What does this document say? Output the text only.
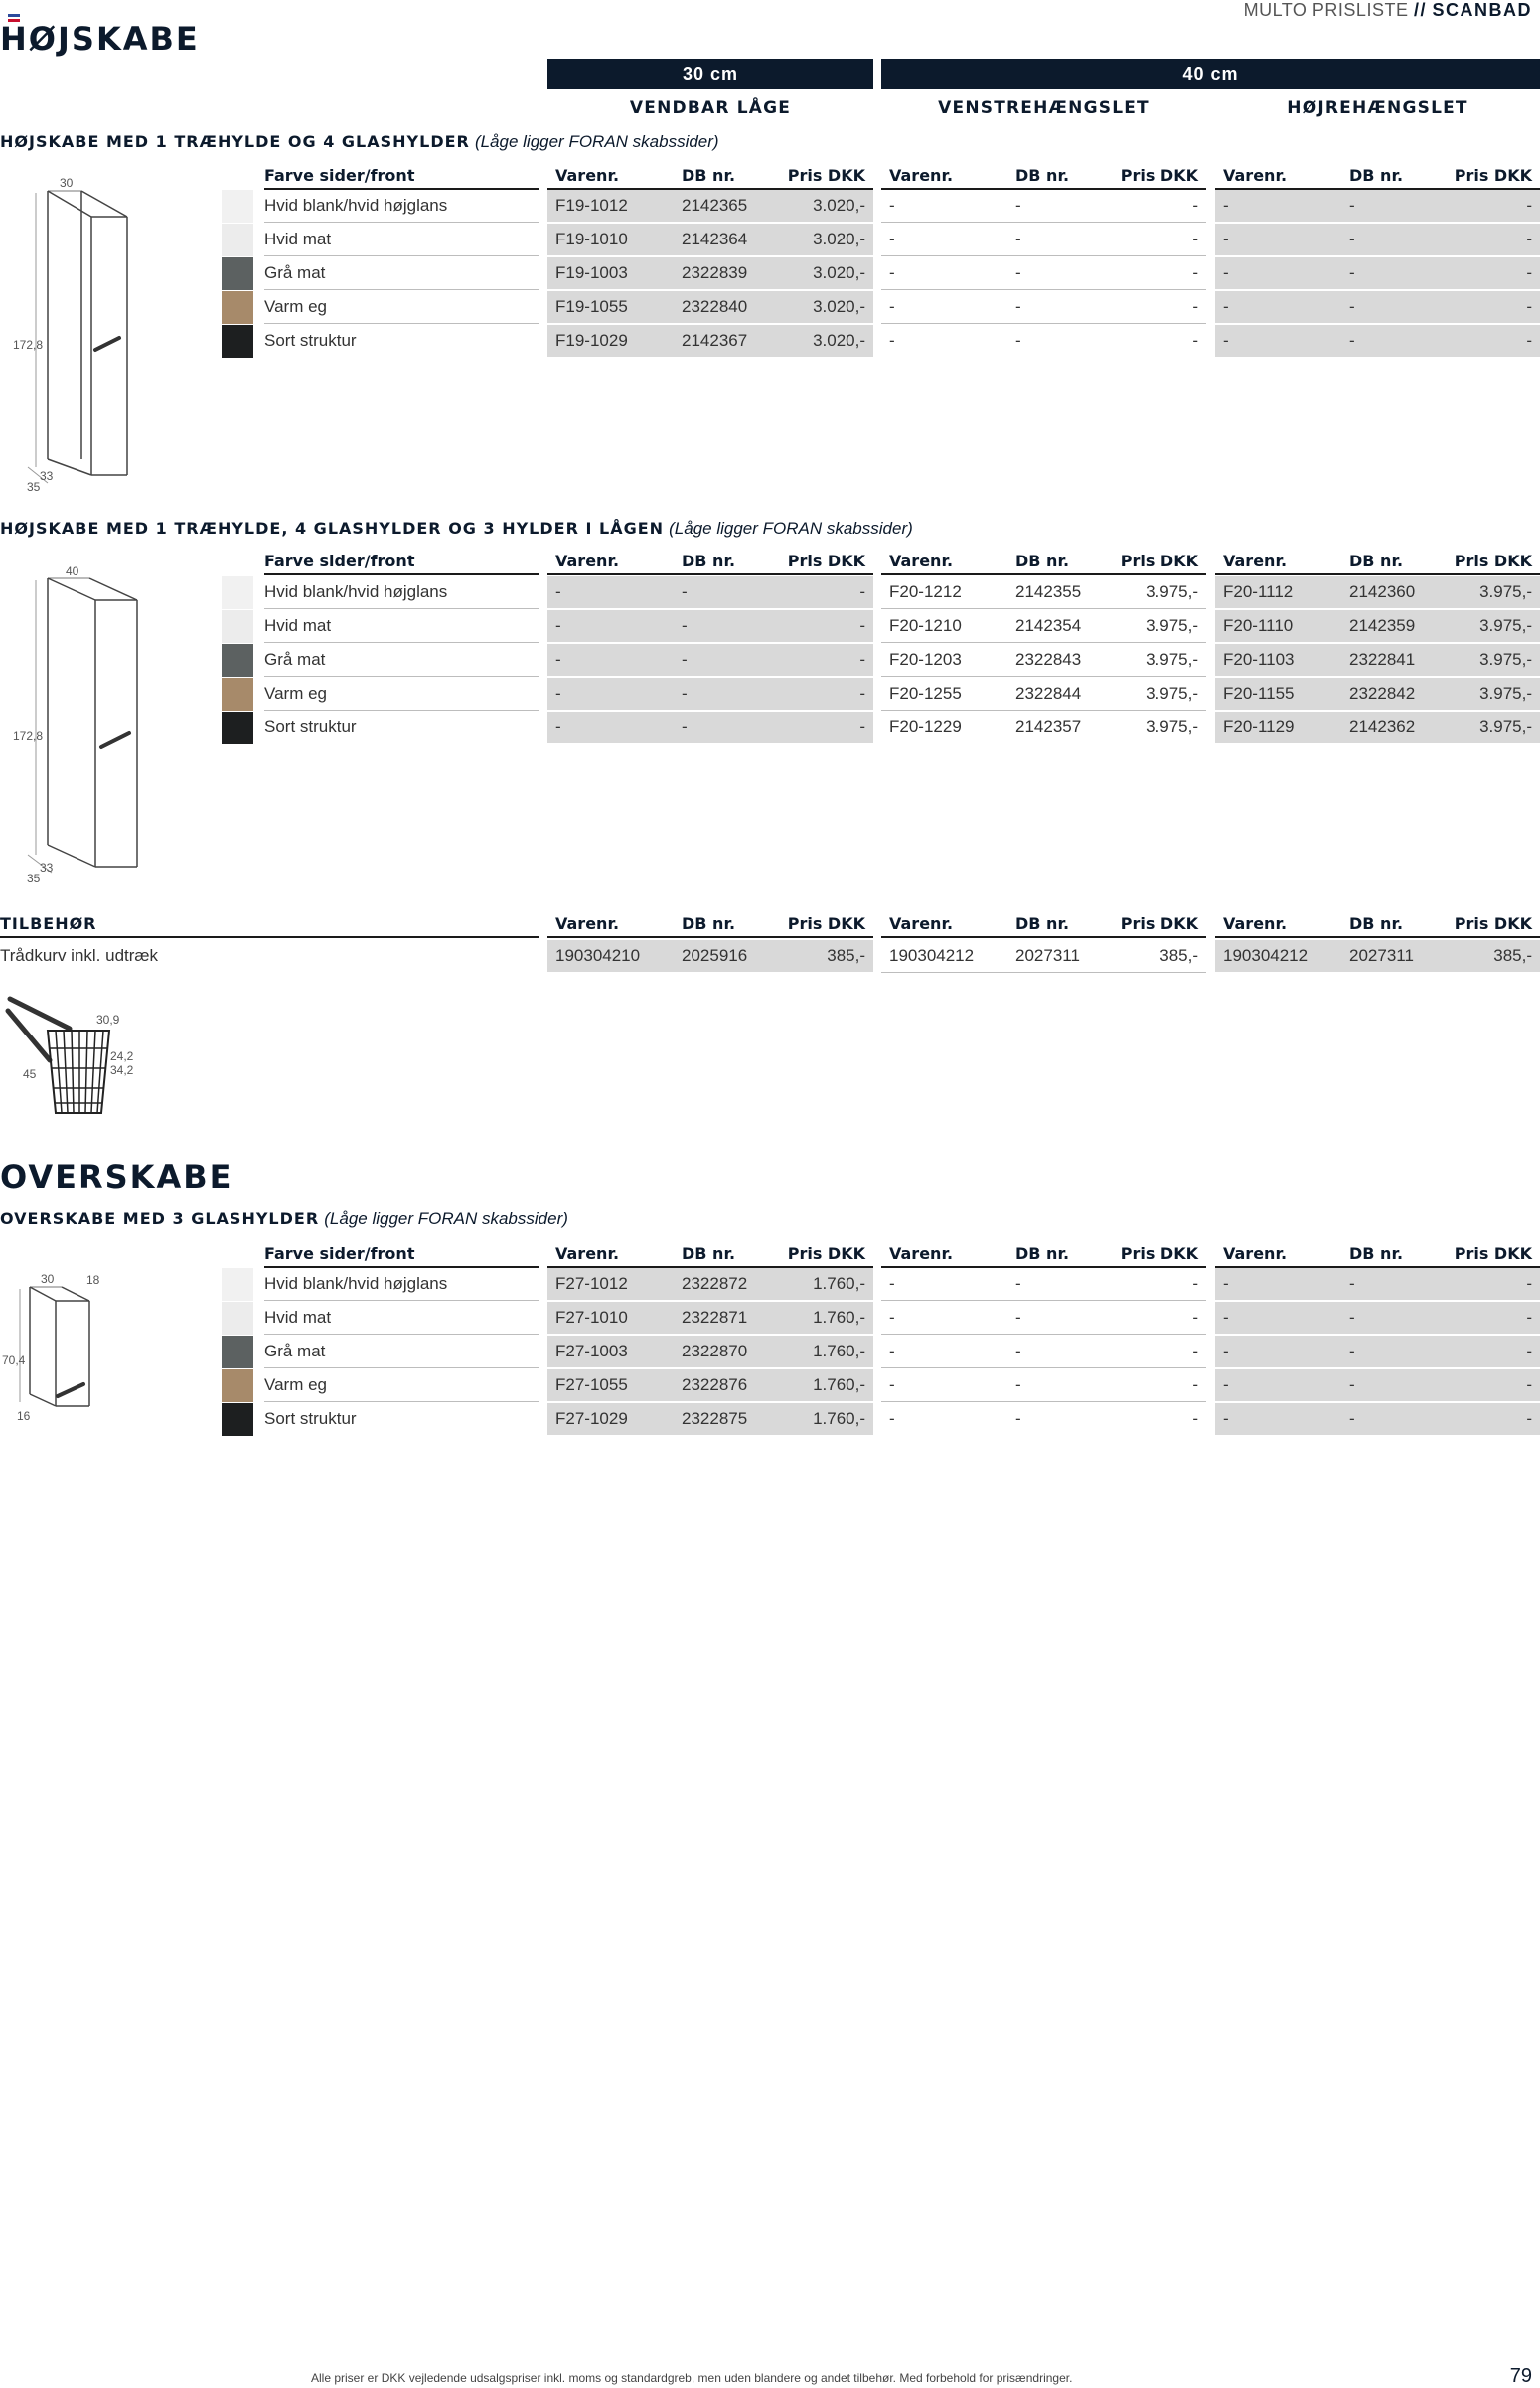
MULTO PRISLISTE // SCANBAD
HØJSKABE
30 cm	40 cm
VENDBAR LÅGE	VENSTREHÆNGSLET	HØJREHÆNGSLET
HØJSKABE MED 1 TRÆHYLDE OG 4 GLASHYLDER (Låge ligger FORAN skabssider)
30
172,8
33
35
Farve sider/front	Varenr.	DB nr.	Pris DKK Varenr.	DB nr.	Pris DKK Varenr.	DB nr.	Pris DKK
Hvid blank/hvid højglans	F19-1012	2142365	3.020,- -	-	- -	-	-
Hvid mat	F19-1010	2142364	3.020,- -	-	- -	-	-
Grå mat	F19-1003	2322839	3.020,- -	-	- -	-	-
Varm eg	F19-1055	2322840	3.020,- -	-	- -	-	-
Sort struktur	F19-1029	2142367	3.020,- -	-	- -	-	-
HØJSKABE MED 1 TRÆHYLDE, 4 GLASHYLDER OG 3 HYLDER I LÅGEN (Låge ligger FORAN skabssider)
40
172,8
33
35
Farve sider/front	Varenr.	DB nr.	Pris DKK Varenr.	DB nr.	Pris DKK Varenr.	DB nr.	Pris DKK
Hvid blank/hvid højglans	-	-	- F20-1212	2142355	3.975,- F20-1112	2142360	3.975,-
Hvid mat	-	-	- F20-1210	2142354	3.975,- F20-1110	2142359	3.975,-
Grå mat	-	-	- F20-1203	2322843	3.975,- F20-1103	2322841	3.975,-
Varm eg	-	-	- F20-1255	2322844	3.975,- F20-1155	2322842	3.975,-
Sort struktur	-	-	- F20-1229	2142357	3.975,- F20-1129	2142362	3.975,-
TILBEHØR	Varenr.	DB nr.	Pris DKK Varenr.	DB nr.	Pris DKK Varenr.	DB nr.	Pris DKK
Trådkurv inkl. udtræk	190304210 2025916	385,- 190304212 2027311	385,- 190304212 2027311	385,-
30,9
24,2
34,2
45
OVERSKABE
OVERSKABE MED 3 GLASHYLDER (Låge ligger FORAN skabssider)
30	18
70,4
16
Farve sider/front	Varenr.	DB nr.	Pris DKK Varenr.	DB nr.	Pris DKK Varenr.	DB nr.	Pris DKK
Hvid blank/hvid højglans	F27-1012	2322872	1.760,- -	-	- -	-	-
Hvid mat	F27-1010	2322871	1.760,- -	-	- -	-	-
Grå mat	F27-1003	2322870	1.760,- -	-	- -	-	-
Varm eg	F27-1055	2322876	1.760,- -	-	- -	-	-
Sort struktur	F27-1029	2322875	1.760,- -	-	- -	-	-
Alle priser er DKK vejledende udsalgspriser inkl. moms og standardgreb, men uden blandere og andet tilbehør. Med forbehold for prisændringer.	79
